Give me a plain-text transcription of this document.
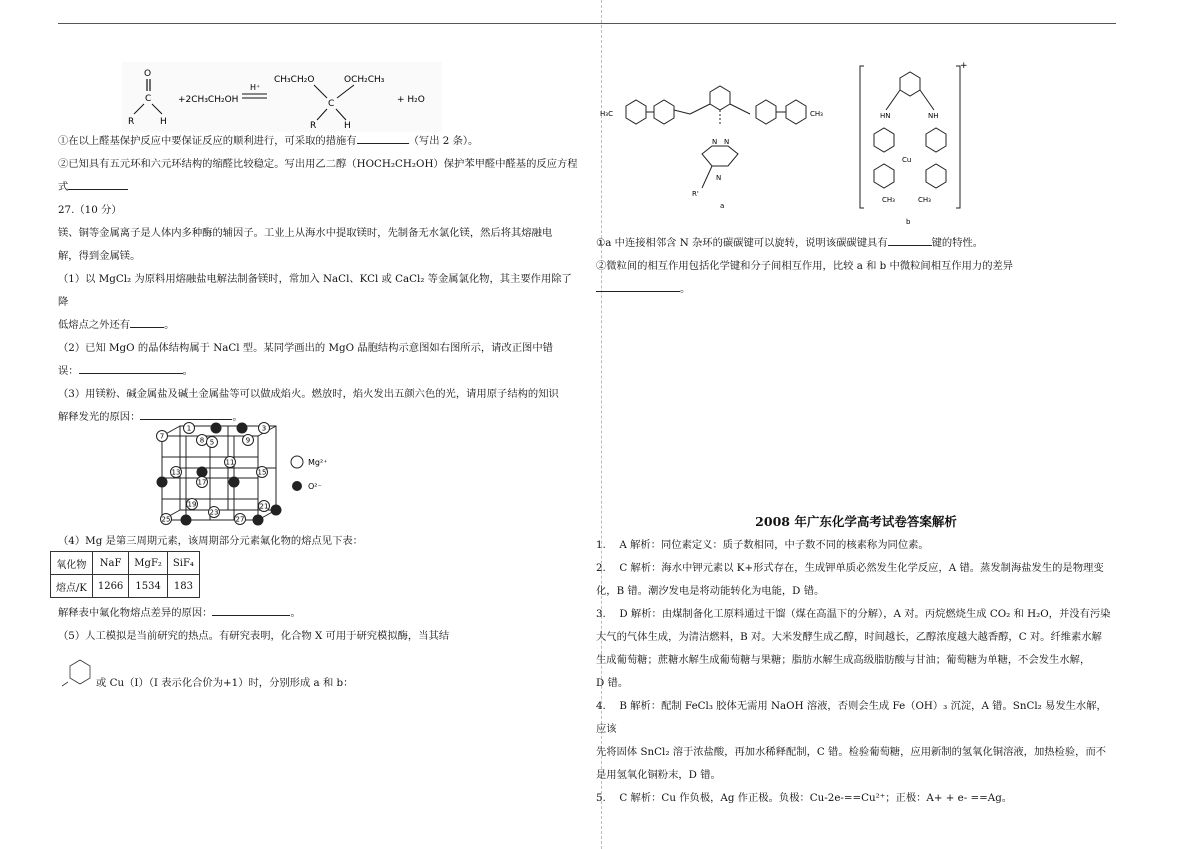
O
C
R	H
+2CH₃CH₂OH
H⁺
CH₃CH₂O	OCH₂CH₃
C
R	H
+ H₂O

①在以上醛基保护反应中要保证反应的顺利进行，可采取的措施有	（写出 2 条）。

②已知具有五元环和六元环结构的缩醛比较稳定。写出用乙二醇（HOCH₂CH₂OH）保护苯甲醛中醛基的反应方程

式

27.（10 分）

镁、铜等金属离子是人体内多种酶的辅因子。工业上从海水中提取镁时，先制备无水氯化镁，然后将其熔融电

解，得到金属镁。

（1）以 MgCl₂ 为原料用熔融盐电解法制备镁时，常加入 NaCl、KCl 或 CaCl₂ 等金属氯化物，其主要作用除了降

低熔点之外还有	。

（2）已知 MgO 的晶体结构属于 NaCl 型。某同学画出的 MgO 晶胞结构示意图如右图所示，请改正图中错

误：	。

（3）用镁粉、碱金属盐及碱土金属盐等可以做成焰火。燃放时，焰火发出五颜六色的光，请用原子结构的知识

解释发光的原因：	。

7
1	3
8 5	9
11
13	15
17
19	21
23
25	27
Mg²⁺
O²⁻

（4）Mg 是第三周期元素，该周期部分元素氟化物的熔点见下表：

氧化物	NaF	MgF₂	SiF₄
熔点/K	1266	1534	183

解释表中氟化物熔点差异的原因：	。

（5）人工模拟是当前研究的热点。有研究表明，化合物 X 可用于研究模拟酶，当其结

或 Cu（I）（I 表示化合价为+1）时，分别形成 a 和 b：

H₃C	CH₃
N N
N
R'
a
+
HN	NH
Cu
CH₃	CH₃
b

①a 中连接相邻含 N 杂环的碳碳键可以旋转，说明该碳碳键具有	键的特性。

②微粒间的相互作用包括化学键和分子间相互作用，比较 a 和 b 中微粒间相互作用力的差异

。

2008 年广东化学高考试卷答案解析

1.　 A 解析：同位素定义：质子数相同，中子数不同的核素称为同位素。

2.　 C 解析：海水中钾元素以 K+形式存在，生成钾单质必然发生化学反应，A 错。蒸发制海盐发生的是物理变

化，B 错。潮汐发电是将动能转化为电能，D 错。

3.　 D 解析：由煤制备化工原料通过干馏（煤在高温下的分解），A 对。丙烷燃烧生成 CO₂ 和 H₂O，并没有污染

大气的气体生成，为清洁燃料，B 对。大米发酵生成乙醇，时间越长，乙醇浓度越大越香醇，C 对。纤维素水解

生成葡萄糖；蔗糖水解生成葡萄糖与果糖；脂肪水解生成高级脂肪酸与甘油；葡萄糖为单糖，不会发生水解，

D 错。

4.　 B 解析：配制 FeCl₃ 胶体无需用 NaOH 溶液，否则会生成 Fe（OH）₃ 沉淀，A 错。SnCl₂ 易发生水解，应该

先将固体 SnCl₂ 溶于浓盐酸，再加水稀释配制，C 错。检验葡萄糖，应用新制的氢氧化铜溶液，加热检验，而不

是用氢氧化铜粉末，D 错。

5.　 C 解析：Cu 作负极，Ag 作正极。负极：Cu-2e-==Cu²⁺；正极：A+ + e- ==Ag。
